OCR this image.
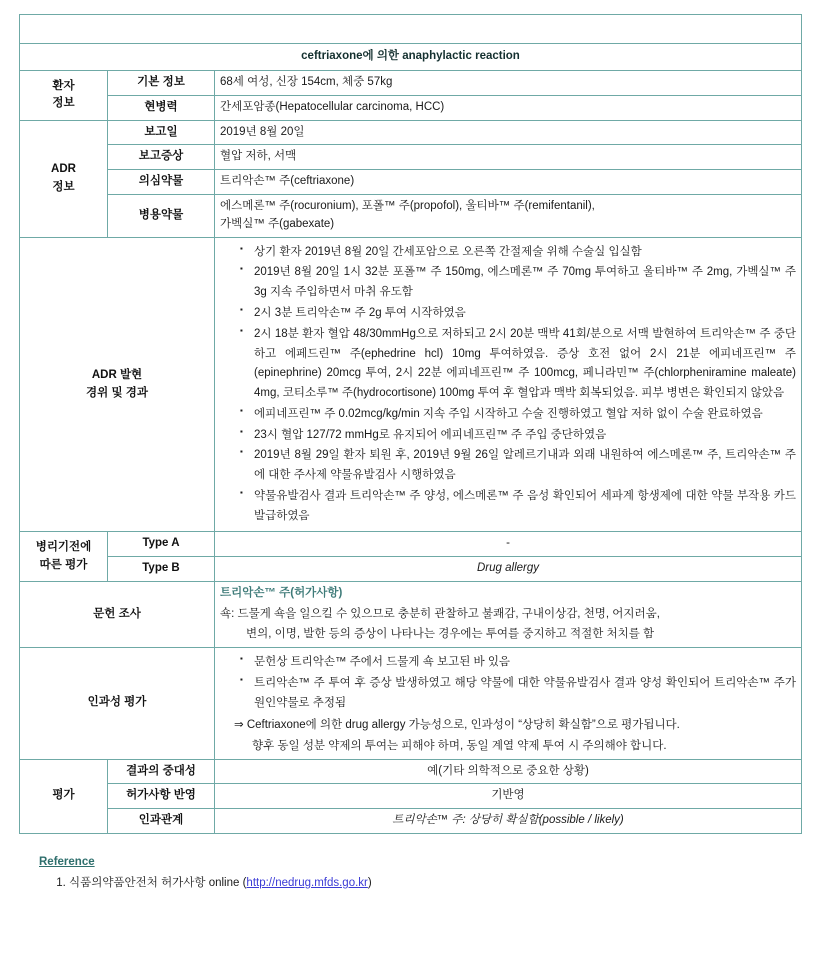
트리악손™ 주(ceftriaxone)		
ceftriaxone에 의한 anaphylactic reaction		
환자
정보	기본 정보	68세 여성, 신장 154cm, 체중 57kg
	현병력	간세포암종(Hepatocellular carcinoma, HCC)
ADR
정보	보고일	2019년 8월 20일
	보고증상	혈압 저하, 서맥
	의심약물	트리악손™ 주(ceftriaxone)
	병용약물	에스메론™ 주(rocuronium), 포폴™ 주(propofol), 울티바™ 주(remifentanil),
가벡실™ 주(gabexate)

ADR 발현
경위 및 경과	
▪ 상기 환자 2019년 8월 20일 간세포암으로 오른쪽 간절제술 위해 수술실 입실함
▪ 2019년 8월 20일 1시 32분 포폴™ 주 150mg, 에스메론™ 주 70mg 투여하고 울티바™ 주 2mg, 가벡실™ 주 3g 지속 주입하면서 마취 유도함
▪ 2시 3분 트리악손™ 주 2g 투여 시작하였음
▪ 2시 18분 환자 혈압 48/30mmHg으로 저하되고 2시 20분 맥박 41회/분으로 서맥 발현하여 트리악손™ 주 중단하고 에페드린™ 주(ephedrine hcl) 10mg 투여하였음. 증상 호전 없어 2시 21분 에피네프린™ 주(epinephrine) 20mcg 투여, 2시 22분 에피네프린™ 주 100mcg, 페니라민™ 주(chlorpheniramine maleate) 4mg, 코티소루™ 주(hydrocortisone) 100mg 투여 후 혈압과 맥박 회복되었음. 피부 병변은 확인되지 않았음
▪ 에피네프린™ 주 0.02mcg/kg/min 지속 주입 시작하고 수술 진행하였고 혈압 저하 없이 수술 완료하였음
▪ 23시 혈압 127/72 mmHg로 유지되어 에피네프린™ 주 주입 중단하였음
▪ 2019년 8월 29일 환자 퇴원 후, 2019년 9월 26일 알레르기내과 외래 내원하여 에스메론™ 주, 트리악손™ 주에 대한 주사제 약물유발검사 시행하였음
▪ 약물유발검사 결과 트리악손™ 주 양성, 에스메론™ 주 음성 확인되어 세파계 항생제에 대한 약물 부작용 카드 발급하였음

병리기전에
따른 평가	Type A	-
	Type B	Drug allergy
문헌 조사		트리악손™ 주(허가사항)
쇽: 드물게 쇽을 일으킬 수 있으므로 충분히 관찰하고 불쾌감, 구내이상감, 천명, 어지러움,
변의, 이명, 발한 등의 증상이 나타나는 경우에는 투여를 중지하고 적절한 처치를 함

인과성 평가	
▪ 문헌상 트리악손™ 주에서 드물게 쇽 보고된 바 있음
▪ 트리악손™ 주 투여 후 증상 발생하였고 해당 약물에 대한 약물유발검사 결과 양성 확인되어 트리악손™ 주가 원인약물로 추정됨
⇒ Ceftriaxone에 의한 drug allergy 가능성으로, 인과성이 “상당히 확실함”으로 평가됩니다.
향후 동일 성분 약제의 투여는 피해야 하며, 동일 계열 약제 투여 시 주의해야 합니다.

평가	결과의 중대성	예(기타 의학적으로 중요한 상황)
	허가사항 반영	기반영
	인과관계	트리악손™ 주: 상당히 확실함(possible / likely)
Reference
1. 식품의약품안전처 허가사항 online (http://nedrug.mfds.go.kr)
